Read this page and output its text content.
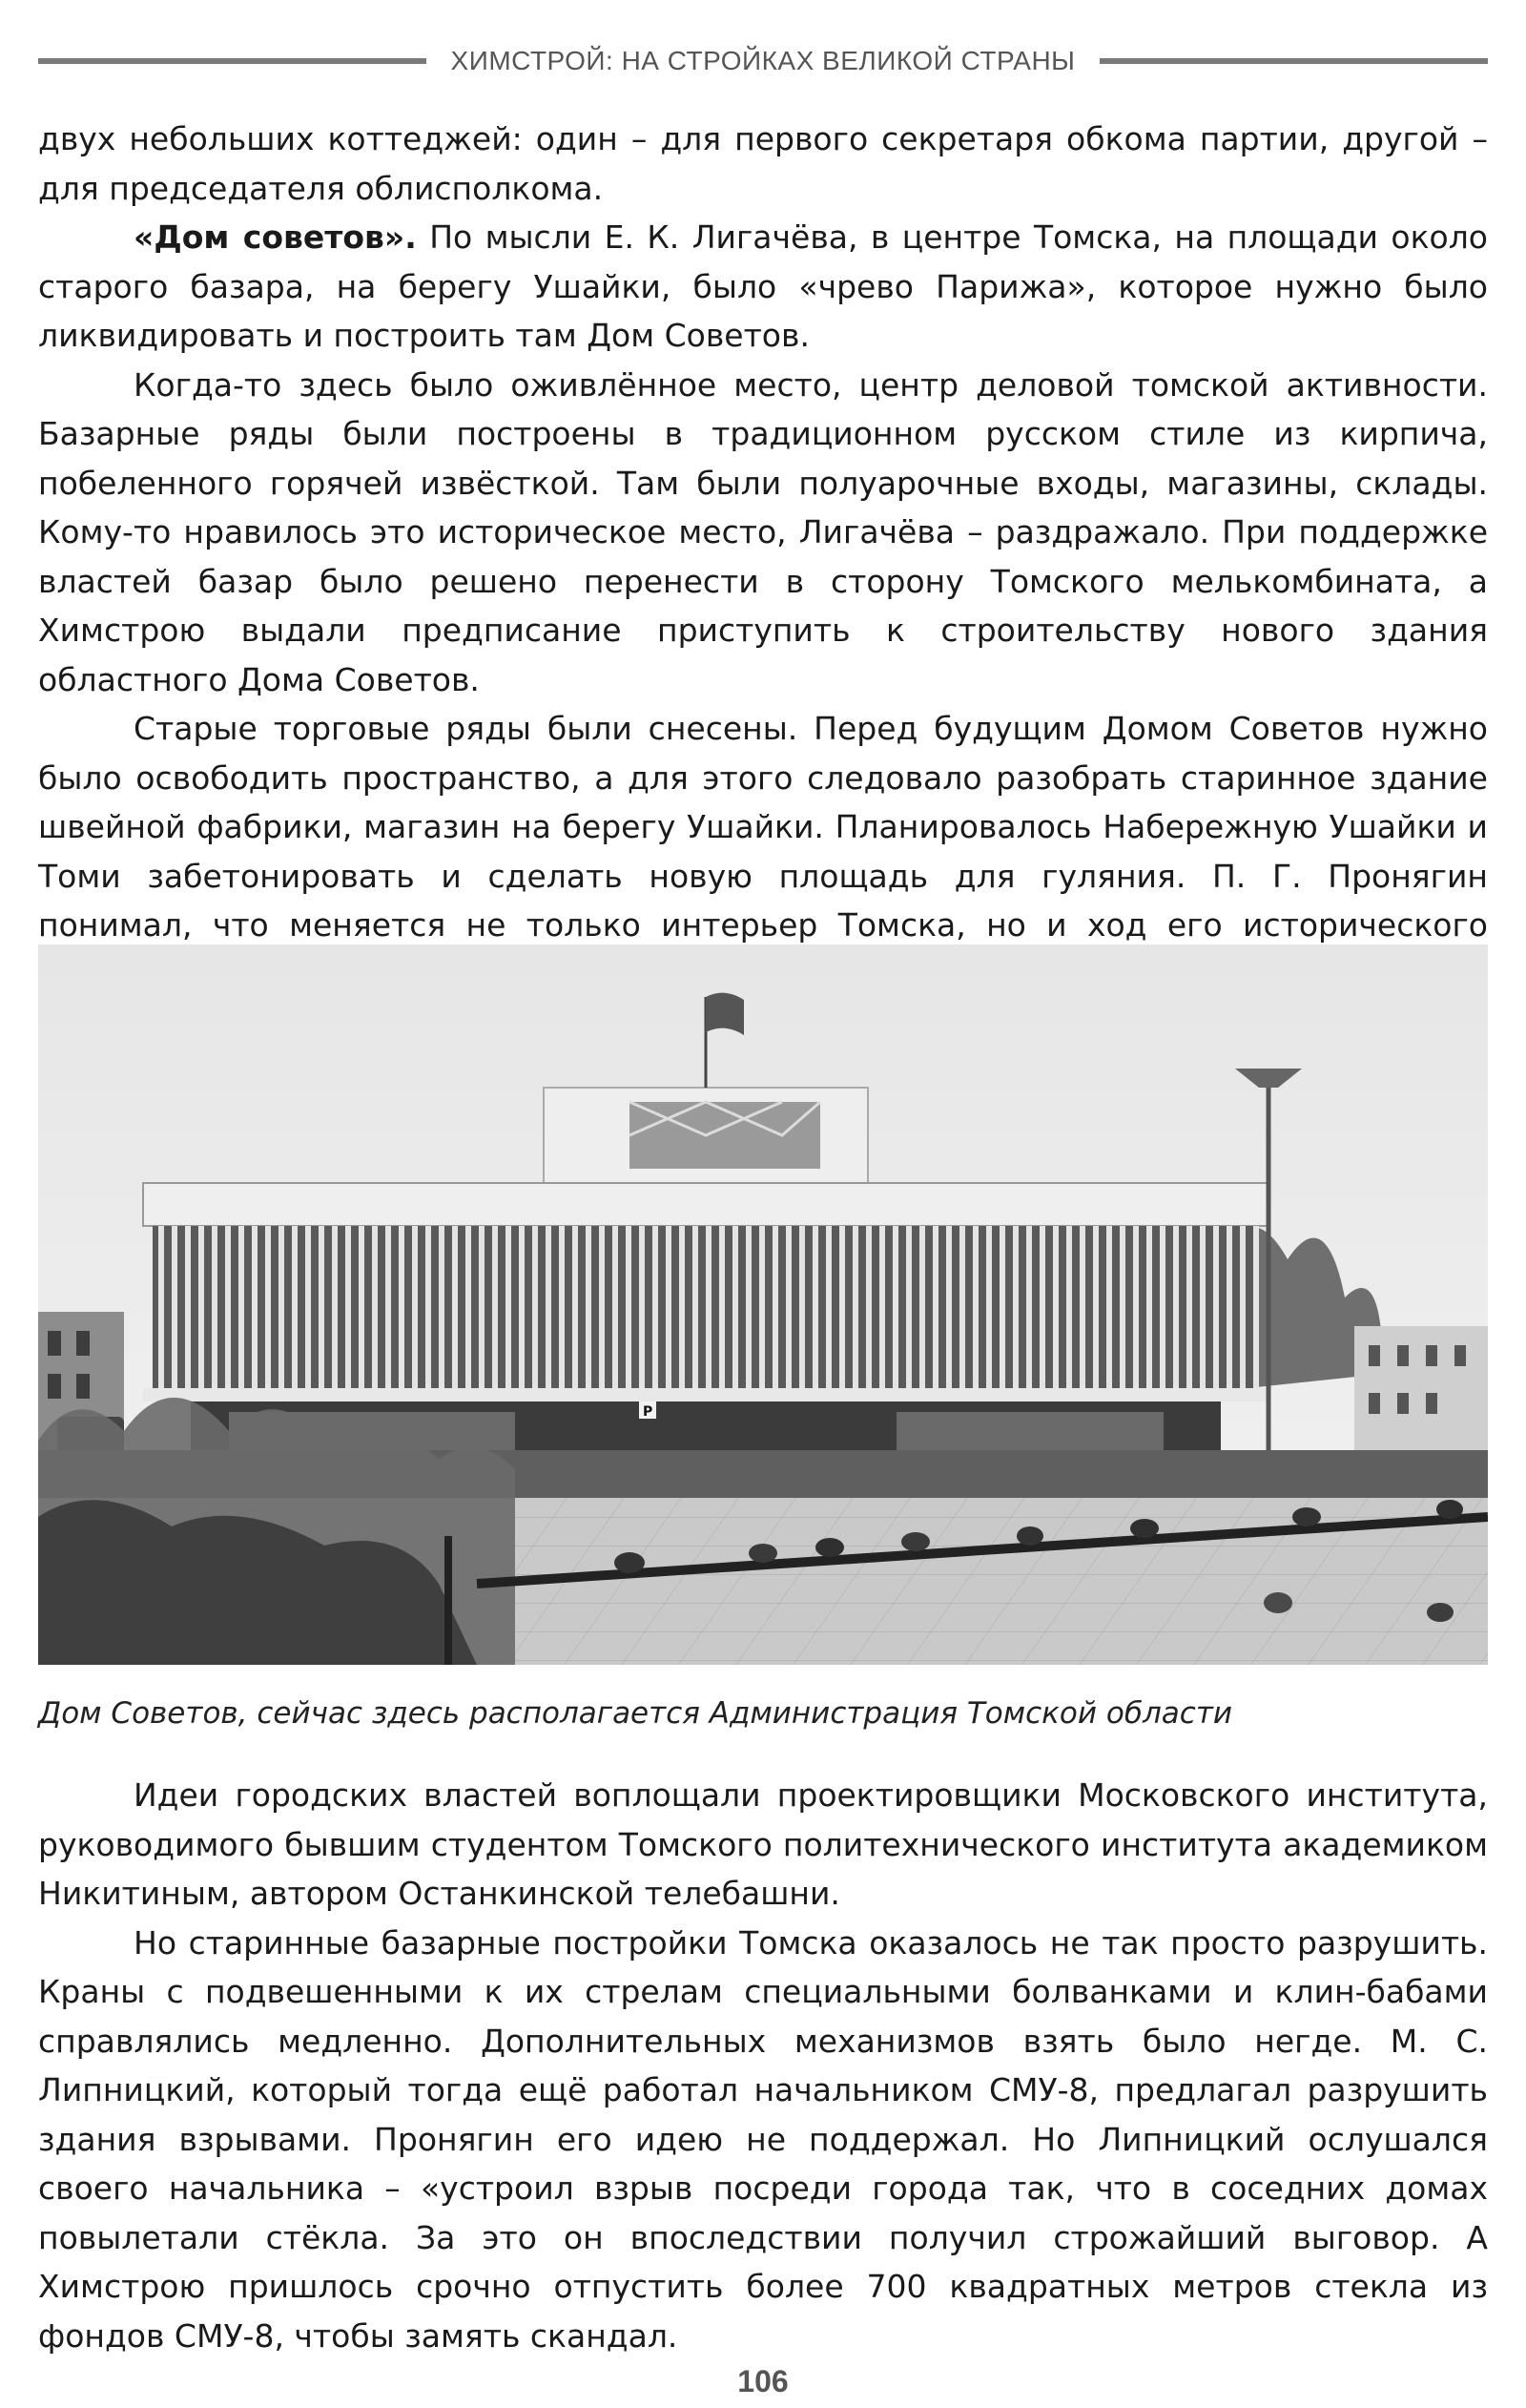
ХИМСТРОЙ: НА СТРОЙКАХ ВЕЛИКОЙ СТРАНЫ

двух небольших коттеджей: один – для первого секретаря обкома партии, другой – для председателя облисполкома.

«Дом советов». По мысли Е. К. Лигачёва, в центре Томска, на площади около старого базара, на берегу Ушайки, было «чрево Парижа», которое нужно было ликвидировать и построить там Дом Советов.

Когда-то здесь было оживлённое место, центр деловой томской активности. Базарные ряды были построены в традиционном русском стиле из кирпича, побеленного горячей извёсткой. Там были полуарочные входы, магазины, склады. Кому-то нравилось это историческое место, Лигачёва – раздражало. При поддержке властей базар было решено перенести в сторону Томского мелькомбината, а Химстрою выдали предписание приступить к строительству нового здания областного Дома Советов.

Старые торговые ряды были снесены. Перед будущим Домом Советов нужно было освободить пространство, а для этого следовало разобрать старинное здание швейной фабрики, магазин на берегу Ушайки. Планировалось Набережную Ушайки и Томи забетонировать и сделать новую площадь для гуляния. П. Г. Пронягин понимал, что меняется не только интерьер Томска, но и ход его исторического

P
Дом Советов, сейчас здесь располагается Администрация Томской области

Идеи городских властей воплощали проектировщики Московского института, руководимого бывшим студентом Томского политехнического института академиком Никитиным, автором Останкинской телебашни.

Но старинные базарные постройки Томска оказалось не так просто разрушить. Краны с подвешенными к их стрелам специальными болванками и клин-бабами справлялись медленно. Дополнительных механизмов взять было негде. М. С. Липницкий, который тогда ещё работал начальником СМУ-8, предлагал разрушить здания взрывами. Пронягин его идею не поддержал. Но Липницкий ослушался своего начальника – «устроил взрыв посреди города так, что в соседних домах повылетали стёкла. За это он впоследствии получил строжайший выговор. А Химстрою пришлось срочно отпустить более 700 квадратных метров стекла из фондов СМУ-8, чтобы замять скандал.

106
